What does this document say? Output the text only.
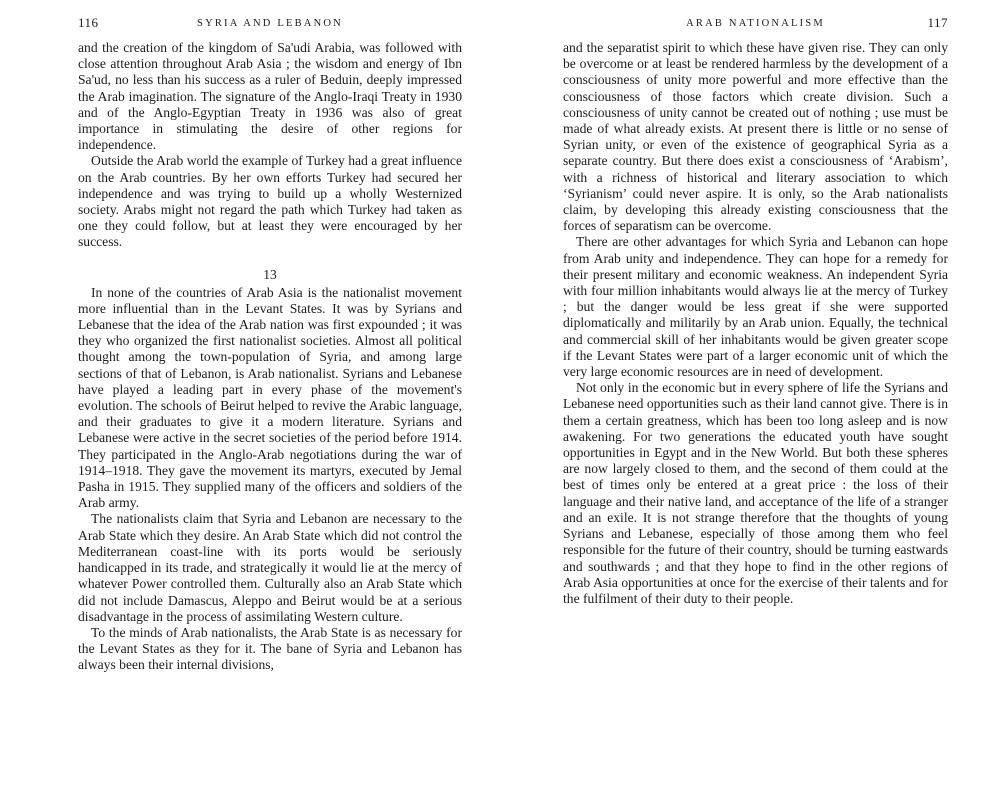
116	SYRIA AND LEBANON

and the creation of the kingdom of Sa'udi Arabia, was followed with close attention throughout Arab Asia ; the wisdom and energy of Ibn Sa'ud, no less than his success as a ruler of Beduin, deeply impressed the Arab imagination. The signature of the Anglo-Iraqi Treaty in 1930 and of the Anglo-Egyptian Treaty in 1936 was also of great importance in stimulating the desire of other regions for independence.

Outside the Arab world the example of Turkey had a great influence on the Arab countries. By her own efforts Turkey had secured her independence and was trying to build up a wholly Westernized society. Arabs might not regard the path which Turkey had taken as one they could follow, but at least they were encouraged by her success.

13

In none of the countries of Arab Asia is the nationalist movement more influential than in the Levant States. It was by Syrians and Lebanese that the idea of the Arab nation was first expounded ; it was they who organized the first nationalist societies. Almost all political thought among the town-population of Syria, and among large sections of that of Lebanon, is Arab nationalist. Syrians and Lebanese have played a leading part in every phase of the movement's evolution. The schools of Beirut helped to revive the Arabic language, and their graduates to give it a modern literature. Syrians and Lebanese were active in the secret societies of the period before 1914. They participated in the Anglo-Arab negotiations during the war of 1914–1918. They gave the movement its martyrs, executed by Jemal Pasha in 1915. They supplied many of the officers and soldiers of the Arab army.

The nationalists claim that Syria and Lebanon are necessary to the Arab State which they desire. An Arab State which did not control the Mediterranean coast-line with its ports would be seriously handicapped in its trade, and strategically it would lie at the mercy of whatever Power controlled them. Culturally also an Arab State which did not include Damascus, Aleppo and Beirut would be at a serious disadvantage in the process of assimilating Western culture.

To the minds of Arab nationalists, the Arab State is as necessary for the Levant States as they for it. The bane of Syria and Lebanon has always been their internal divisions,

ARAB NATIONALISM	117

and the separatist spirit to which these have given rise. They can only be overcome or at least be rendered harmless by the development of a consciousness of unity more powerful and more effective than the consciousness of those factors which create division. Such a consciousness of unity cannot be created out of nothing ; use must be made of what already exists. At present there is little or no sense of Syrian unity, or even of the existence of geographical Syria as a separate country. But there does exist a consciousness of ‘Arabism’, with a richness of historical and literary association to which ‘Syrianism’ could never aspire. It is only, so the Arab nationalists claim, by developing this already existing consciousness that the forces of separatism can be overcome.

There are other advantages for which Syria and Lebanon can hope from Arab unity and independence. They can hope for a remedy for their present military and economic weakness. An independent Syria with four million inhabitants would always lie at the mercy of Turkey ; but the danger would be less great if she were supported diplomatically and militarily by an Arab union. Equally, the technical and commercial skill of her inhabitants would be given greater scope if the Levant States were part of a larger economic unit of which the very large economic resources are in need of development.

Not only in the economic but in every sphere of life the Syrians and Lebanese need opportunities such as their land cannot give. There is in them a certain greatness, which has been too long asleep and is now awakening. For two generations the educated youth have sought opportunities in Egypt and in the New World. But both these spheres are now largely closed to them, and the second of them could at the best of times only be entered at a great price : the loss of their language and their native land, and acceptance of the life of a stranger and an exile. It is not strange therefore that the thoughts of young Syrians and Lebanese, especially of those among them who feel responsible for the future of their country, should be turning eastwards and southwards ; and that they hope to find in the other regions of Arab Asia opportunities at once for the exercise of their talents and for the fulfilment of their duty to their people.
